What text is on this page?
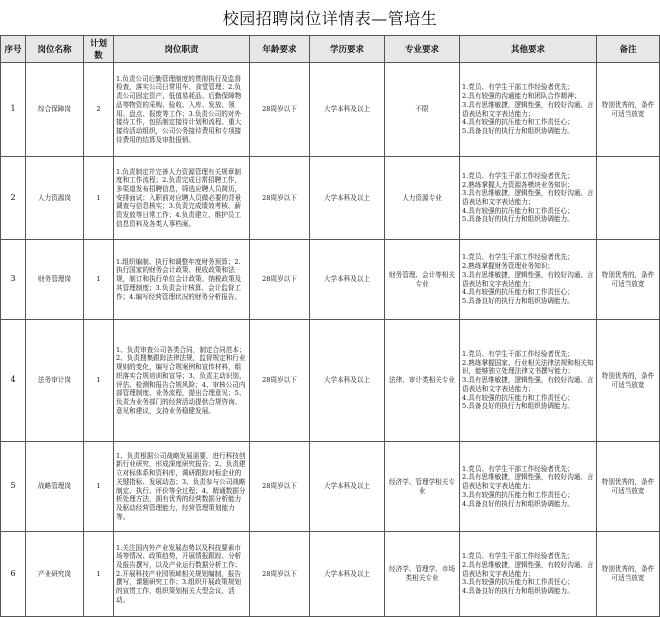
校园招聘岗位详情表—管培生
序号	岗位名称	计划数	岗位职责	年龄要求	学历要求	专业要求	其他要求	备注
1	综合保障岗	2	1.负责公司后勤管理制度的贯彻执行及监督检查，落实公司日常用车、食堂管理；2.负责公司固定资产、低值易耗品、后勤保障物品等物资的采购、验收、入库、发放、领用、盘点、报废等工作；3.负责公司的对外接待工作，包括制定接待计划和流程、重大接待活动组织，公司公务接待费用和专项接待费用的结算及审批报销。	28周岁以下	大学本科及以上	不限	1.党员、有学生干部工作经验者优先；
2.具有较强的沟通能力和团队合作精神；
3.具有思维敏捷，逻辑性强，有较好沟通、言语表达和文字表达能力；
4.具有较强的抗压能力和工作责任心；
5.具备良好的执行力和组织协调能力。	特别优秀的，条件可适当放宽
2	人力资源岗	1	1.负责制定并完善人力资源管理有关规章制度和工作流程；2.负责完成日常招聘工作，多渠道发布招聘信息，筛选应聘人员简历，安排面试；入职前对应聘人员做必要的背景调查与信息核实；3.负责完成绩效考核、薪资发放等日常工作；4.负责建立、维护员工信息资料及各类人事档案。	28周岁以下	大学本科及以上	人力资源专业	1.党员、有学生干部工作经验者优先；
2.熟练掌握人力资源各模块业务知识；
3.具有思维敏捷，逻辑性强，有较好沟通、言语表达和文字表达能力；
4.具有较强的抗压能力和工作责任心；
5.具备良好的执行力和组织协调能力。	

3	财务管理岗	1	1.组织编制、执行和调整年度财务预算；2.执行国家的财务会计政策、税收政策和法规，制订和执行单位会计政策、纳税政策及其管理制度；3.负责会计核算、会计监督工作；4.编写经营管理状况的财务分析报告。	28周岁以下	大学本科及以上	财务管理、会计等相关专业	1.党员、有学生干部工作经验者优先；
2.熟练掌握财务管理业务知识；
3.具有思维敏捷，逻辑性强，有较好沟通、言语表达和文字表达能力；
4.具有较强的抗压能力和工作责任心；
5.具备良好的执行力和组织协调能力。	特别优秀的，条件可适当放宽
4	法务审计岗	1	1、负责审查公司各类合同，制定合同范本；2、负责搜集跟踪法律法规，监督规定和行业规则的变化，编写合规案例和宣传材料，组织落实合规培训和宣导；3、负责主动识别、评估、检测和报告合规风险；4、审核公司内部管理制度、业务流程，提出合理意见；5、负责为业务部门的经营活动提供合规咨询、意见和建议，支持业务稳健发展。	28周岁以下	大学本科及以上	法律、审计类相关专业	1.党员、有学生干部工作经验者优先；
2.熟练掌握国家、行业相关法律法规和相关知识，能够独立处理法律文书撰写能力；
3.具有思维敏捷，逻辑性强，有较好沟通、言语表达和文字表达能力；
4.具有较强的抗压能力和工作责任心；
5.具备良好的执行力和组织协调能力。	特别优秀的，条件可适当放宽
5	战略管理岗	1	1、负责根据公司战略发展需要，进行科技创新行业研究，形成深度研究报告；2、负责建立对标体系和资料库，调研跟踪对标企业的关键指标、发展动态；3、负责参与公司战略制定、执行、评价等全过程；4、精通数据分析处理方法，拥有优秀的经营数据分析能力及驱动经营管理能力，经营管理策划能力等。	28周岁以下	大学本科及以上	经济学、管理学相关专业	1.党员、有学生干部工作经验者优先；
2.具有思维敏捷，逻辑性强，有较好沟通、言语表达和文字表达能力；
3.具有较强的抗压能力和工作责任心；
4.具备良好的执行力和组织协调能力。	特别优秀的，条件可适当放宽
6	产业研究岗	1	1.关注国内外产业发展态势以及科技要素市场等情况、政策趋势，开展情报跟踪、分析及报告撰写，以及产业运行数据分析工作；2.开展科技产业园领域相关规划编制，报告撰写，课题研究工作；3.组织开展政策规划的宣贯工作，组织策划相关大型会议、活动。	28周岁以下	大学本科及以上	经济学、管理学、市场类相关专业	1.党员、有学生干部工作经验者优先；
2.具有思维敏捷，逻辑性强，有较好沟通、言语表达和文字表达能力；
3.具有较强的抗压能力和工作责任心；
4.具备良好的执行力和组织协调能力。	特别优秀的，条件可适当放宽
